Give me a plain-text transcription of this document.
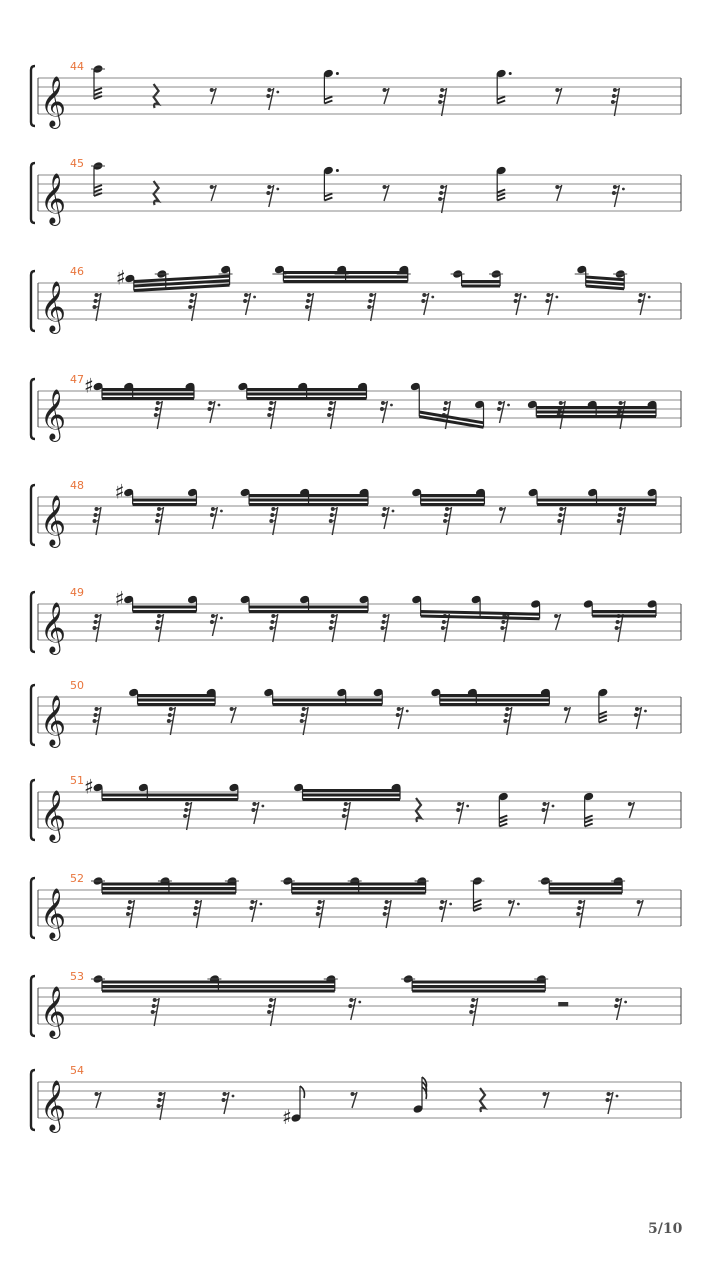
𝄞
44
𝄞
45
𝄞
46 ♯
𝄞
47 ♯
𝄞
48 ♯
𝄞
49 ♯
𝄞
50
𝄞
51 ♯
𝄞
52
𝄞
53
𝄞
54
♯
5/10
